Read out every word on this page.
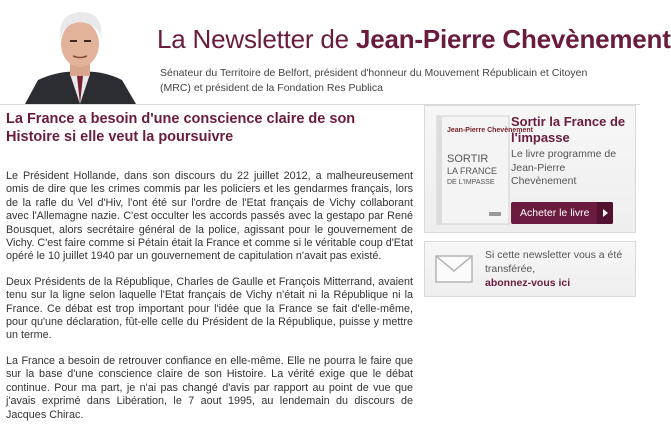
La Newsletter de Jean-Pierre Chevènement
Sénateur du Territoire de Belfort, président d'honneur du Mouvement Républicain et Citoyen (MRC) et président de la Fondation Res Publica
La France a besoin d'une conscience claire de son Histoire si elle veut la poursuivre

Le Président Hollande, dans son discours du 22 juillet 2012, a malheureusement omis de dire que les crimes commis par les policiers et les gendarmes français, lors de la rafle du Vel d'Hiv, l'ont été sur l'ordre de l'Etat français de Vichy collaborant avec l'Allemagne nazie. C'est occulter les accords passés avec la gestapo par René Bousquet, alors secrétaire général de la police, agissant pour le gouvernement de Vichy. C'est faire comme si Pétain était la France et comme si le véritable coup d'Etat opéré le 10 juillet 1940 par un gouvernement de capitulation n'avait pas existé.

Deux Présidents de la République, Charles de Gaulle et François Mitterrand, avaient tenu sur la ligne selon laquelle l'Etat français de Vichy n'était ni la République ni la France. Ce débat est trop important pour l'idée que la France se fait d'elle-même, pour qu'une déclaration, fût-elle celle du Président de la République, puisse y mettre un terme.

La France a besoin de retrouver confiance en elle-même. Elle ne pourra le faire que sur la base d'une conscience claire de son Histoire. La vérité exige que le débat continue. Pour ma part, je n'ai pas changé d'avis par rapport au point de vue que j'avais exprimé dans Libération, le 7 aout 1995, au lendemain du discours de Jacques Chirac.

Jean-Pierre Chevènement
SORTIR
LA FRANCE
DE L'IMPASSE
Sortir la France de l'impasse
Le livre programme de Jean-Pierre Chevènement
Acheter le livre
Si cette newsletter vous a été transférée,
abonnez-vous ici
